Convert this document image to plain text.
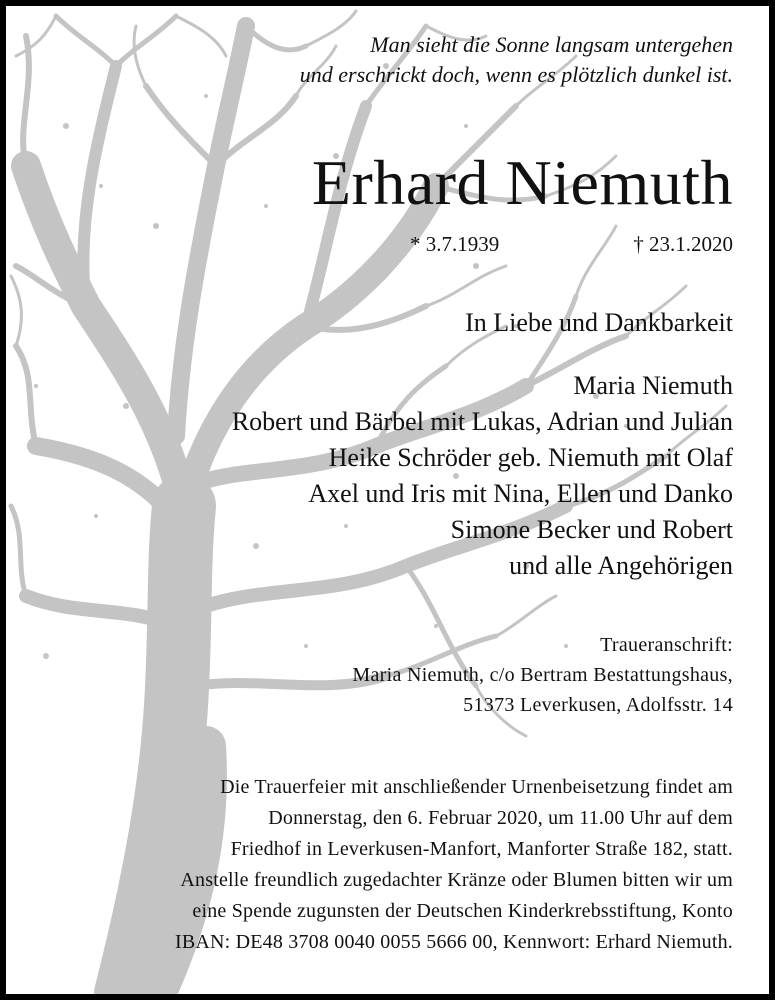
Man sieht die Sonne langsam untergehen
und erschrickt doch, wenn es plötzlich dunkel ist.
Erhard Niemuth
* 3.7.1939	† 23.1.2020
In Liebe und Dankbarkeit
Maria Niemuth
Robert und Bärbel mit Lukas, Adrian und Julian
Heike Schröder geb. Niemuth mit Olaf
Axel und Iris mit Nina, Ellen und Danko
Simone Becker und Robert
und alle Angehörigen
Traueranschrift:
Maria Niemuth, c/o Bertram Bestattungshaus,
51373 Leverkusen, Adolfsstr. 14
Die Trauerfeier mit anschließender Urnenbeisetzung findet am
Donnerstag, den 6. Februar 2020, um 11.00 Uhr auf dem
Friedhof in Leverkusen-Manfort, Manforter Straße 182, statt.
Anstelle freundlich zugedachter Kränze oder Blumen bitten wir um
eine Spende zugunsten der Deutschen Kinderkrebsstiftung, Konto
IBAN: DE48 3708 0040 0055 5666 00, Kennwort: Erhard Niemuth.
